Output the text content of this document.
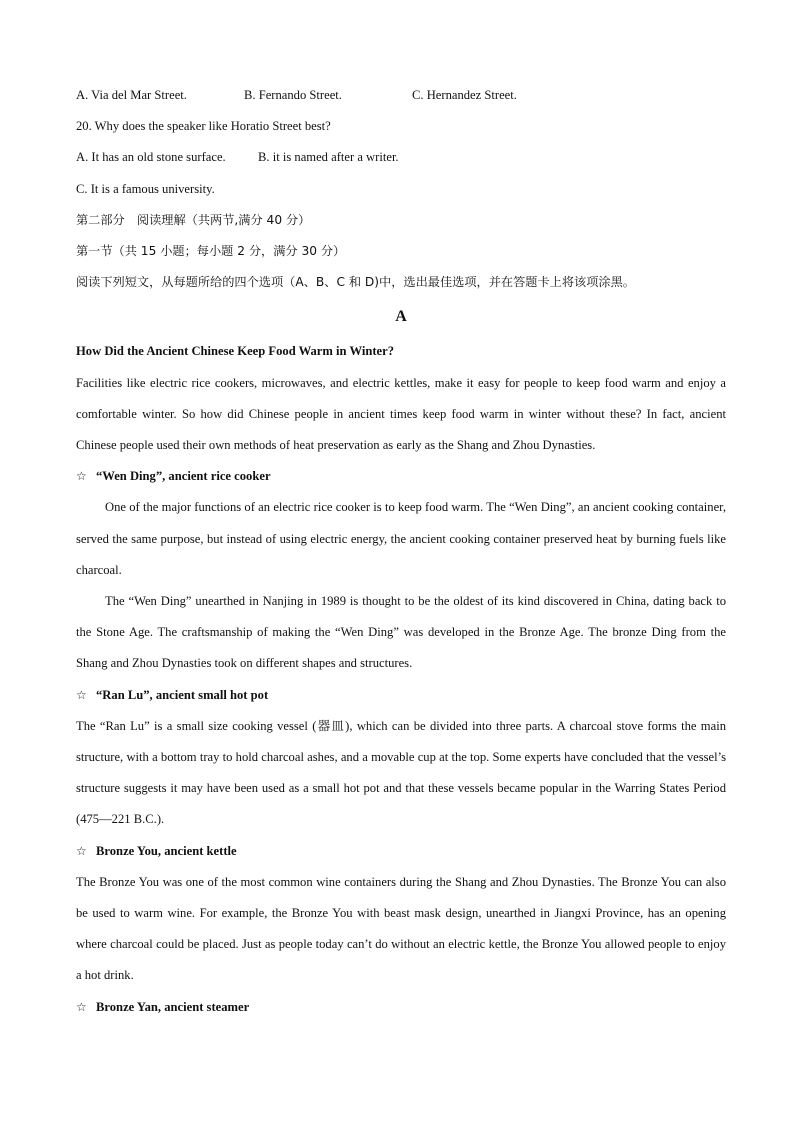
A. Via del Mar Street.	B. Fernando Street.	C. Hernandez Street.
20. Why does the speaker like Horatio Street best?
A. It has an old stone surface.	B. it is named after a writer.
C. It is a famous university.
第二部分　阅读理解（共两节,满分 40 分）
第一节（共 15 小题；每小题 2 分，满分 30 分）
阅读下列短文，从每题所给的四个选项（A、B、C 和 D)中，选出最佳选项，并在答题卡上将该项涂黑。
A
How Did the Ancient Chinese Keep Food Warm in Winter?

Facilities like electric rice cookers, microwaves, and electric kettles, make it easy for people to keep food warm and enjoy a comfortable winter. So how did Chinese people in ancient times keep food warm in winter without these? In fact, ancient Chinese people used their own methods of heat preservation as early as the Shang and Zhou Dynasties.

☆ “Wen Ding”, ancient rice cooker

One of the major functions of an electric rice cooker is to keep food warm. The “Wen Ding”, an ancient cooking container, served the same purpose, but instead of using electric energy, the ancient cooking container preserved heat by burning fuels like charcoal.

The “Wen Ding” unearthed in Nanjing in 1989 is thought to be the oldest of its kind discovered in China, dating back to the Stone Age. The craftsmanship of making the “Wen Ding” was developed in the Bronze Age. The bronze Ding from the Shang and Zhou Dynasties took on different shapes and structures.

☆ “Ran Lu”, ancient small hot pot

The “Ran Lu” is a small size cooking vessel (器皿), which can be divided into three parts. A charcoal stove forms the main structure, with a bottom tray to hold charcoal ashes, and a movable cup at the top. Some experts have concluded that the vessel’s structure suggests it may have been used as a small hot pot and that these vessels became popular in the Warring States Period (475—221 B.C.).

☆ Bronze You, ancient kettle

The Bronze You was one of the most common wine containers during the Shang and Zhou Dynasties. The Bronze You can also be used to warm wine. For example, the Bronze You with beast mask design, unearthed in Jiangxi Province, has an opening where charcoal could be placed. Just as people today can’t do without an electric kettle, the Bronze You allowed people to enjoy a hot drink.

☆ Bronze Yan, ancient steamer
